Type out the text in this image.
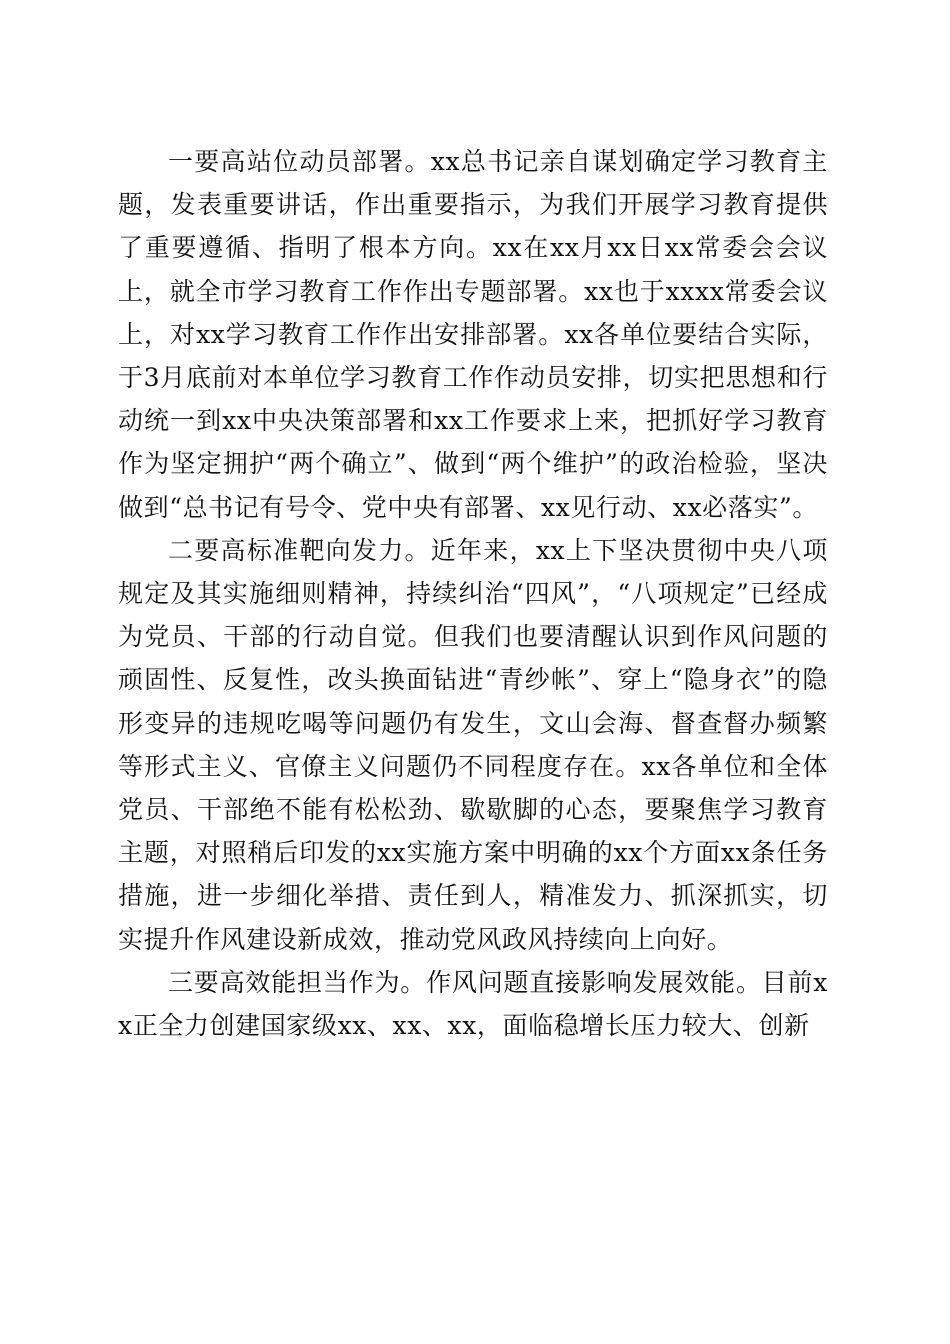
一要高站位动员部署。xx总书记亲自谋划确定学习教育主题，发表重要讲话，作出重要指示，为我们开展学习教育提供了重要遵循、指明了根本方向。xx在xx月xx日xx常委会会议上，就全市学习教育工作作出专题部署。xx也于xxxx常委会议上，对xx学习教育工作作出安排部署。xx各单位要结合实际，于3月底前对本单位学习教育工作作动员安排，切实把思想和行动统一到xx中央决策部署和xx工作要求上来，把抓好学习教育作为坚定拥护“两个确立”、做到“两个维护”的政治检验，坚决做到“总书记有号令、党中央有部署、xx见行动、xx必落实”。

二要高标准靶向发力。近年来，xx上下坚决贯彻中央八项规定及其实施细则精神，持续纠治“四风”，“八项规定”已经成为党员、干部的行动自觉。但我们也要清醒认识到作风问题的顽固性、反复性，改头换面钻进“青纱帐”、穿上“隐身衣”的隐形变异的违规吃喝等问题仍有发生，文山会海、督查督办频繁等形式主义、官僚主义问题仍不同程度存在。xx各单位和全体党员、干部绝不能有松松劲、歇歇脚的心态，要聚焦学习教育主题，对照稍后印发的xx实施方案中明确的xx个方面xx条任务措施，进一步细化举措、责任到人，精准发力、抓深抓实，切实提升作风建设新成效，推动党风政风持续向上向好。

三要高效能担当作为。作风问题直接影响发展效能。目前xx正全力创建国家级xx、xx、xx，面临稳增长压力较大、创新
